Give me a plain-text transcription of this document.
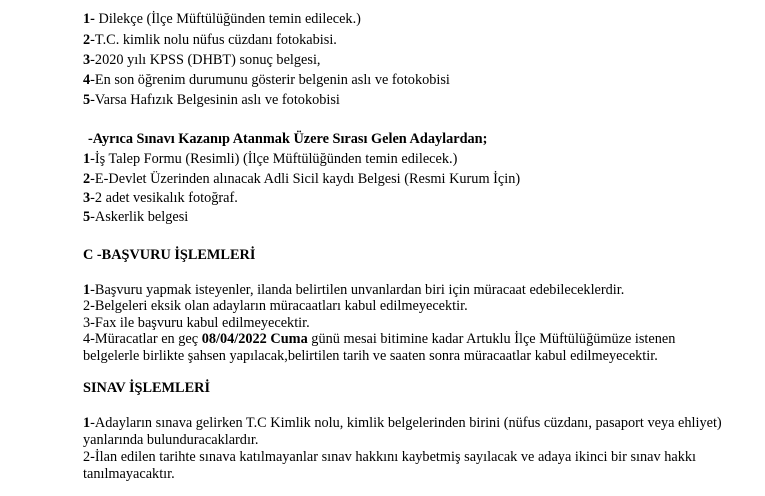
1- Dilekçe (İlçe Müftülüğünden temin edilecek.)
2-T.C. kimlik nolu nüfus cüzdanı fotokabisi.
3-2020 yılı KPSS (DHBT) sonuç belgesi,
4-En son öğrenim durumunu gösterir belgenin aslı ve fotokobisi
5-Varsa Hafızık Belgesinin aslı ve fotokobisi
-Ayrıca Sınavı Kazanıp Atanmak Üzere Sırası Gelen Adaylardan;
1-İş Talep Formu (Resimli) (İlçe Müftülüğünden temin edilecek.)
2-E-Devlet Üzerinden alınacak Adli Sicil kaydı Belgesi (Resmi Kurum İçin)
3-2 adet vesikalık fotoğraf.
5-Askerlik belgesi
C -BAŞVURU İŞLEMLERİ
1-Başvuru yapmak isteyenler, ilanda belirtilen unvanlardan biri için müracaat edebileceklerdir.
2-Belgeleri eksik olan adayların müracaatları kabul edilmeyecektir.
3-Fax ile başvuru kabul edilmeyecektir.
4-Müracatlar en geç 08/04/2022 Cuma günü mesai bitimine kadar Artuklu İlçe Müftülüğümüze istenen
belgelerle birlikte şahsen yapılacak,belirtilen tarih ve saaten sonra müracaatlar kabul edilmeyecektir.
SINAV İŞLEMLERİ
1-Adayların sınava gelirken T.C Kimlik nolu, kimlik belgelerinden birini (nüfus cüzdanı, pasaport veya ehliyet)
yanlarında bulunduracaklardır.
2-İlan edilen tarihte sınava katılmayanlar sınav hakkını kaybetmiş sayılacak ve adaya ikinci bir sınav hakkı
tanılmayacaktır.
